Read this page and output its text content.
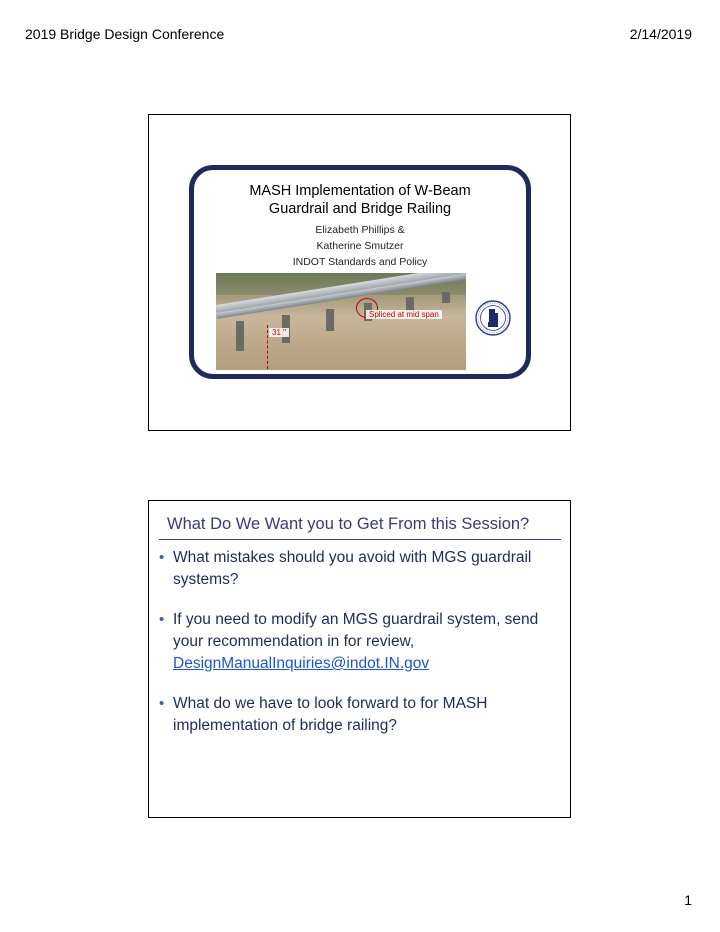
2019 Bridge Design Conference	2/14/2019
MASH Implementation of W-Beam
Guardrail and Bridge Railing
Elizabeth Phillips &
Katherine Smutzer
INDOT Standards and Policy
Spliced at mid span
31 "
What Do We Want you to Get From this Session?
• What mistakes should you avoid with MGS guardrail
systems?
• If you need to modify an MGS guardrail system, send
your recommendation in for review,
DesignManualInquiries@indot.IN.gov
• What do we have to look forward to for MASH
implementation of bridge railing?
1
